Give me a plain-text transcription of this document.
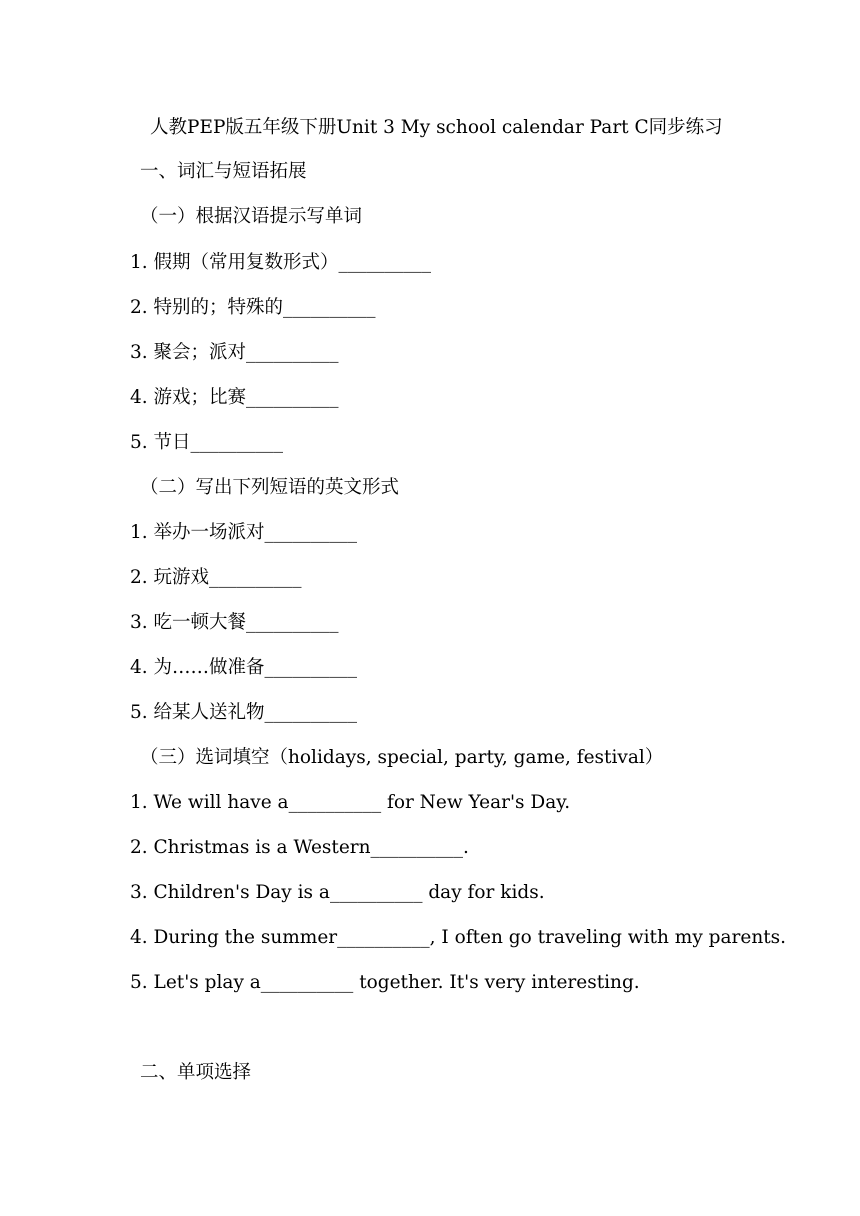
人教PEP版五年级下册Unit 3 My school calendar Part C同步练习
一、词汇与短语拓展
（一）根据汉语提示写单词
1. 假期（常用复数形式）__________
2. 特别的；特殊的__________
3. 聚会；派对__________
4. 游戏；比赛__________
5. 节日__________
（二）写出下列短语的英文形式
1. 举办一场派对__________
2. 玩游戏__________
3. 吃一顿大餐__________
4. 为……做准备__________
5. 给某人送礼物__________
（三）选词填空（holidays, special, party, game, festival）
1. We will have a__________ for New Year's Day.
2. Christmas is a Western__________.
3. Children's Day is a__________ day for kids.
4. During the summer__________, I often go traveling with my parents.
5. Let's play a__________ together. It's very interesting.
二、单项选择
